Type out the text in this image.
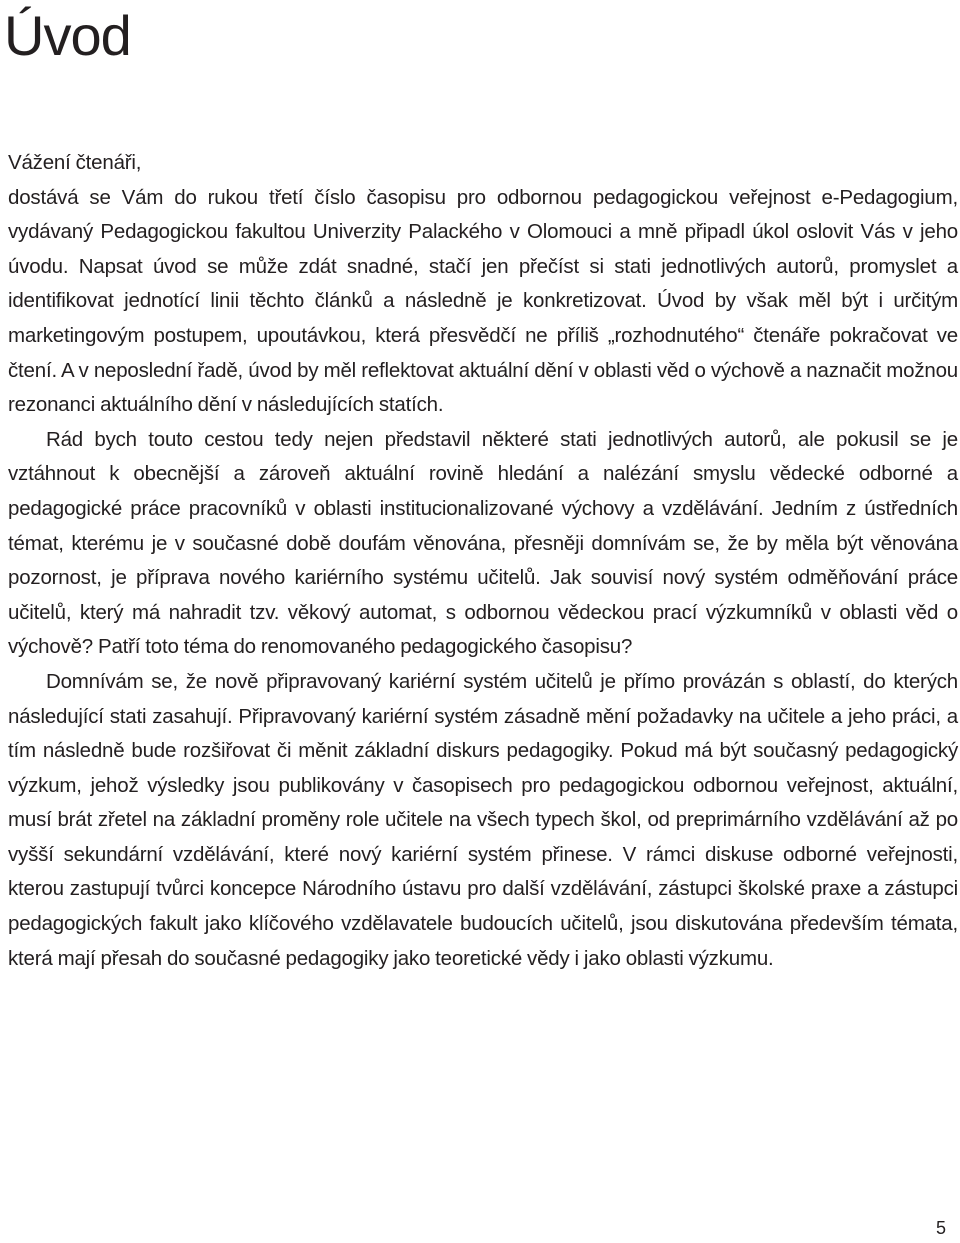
Úvod

Vážení čtenáři,

dostává se Vám do rukou třetí číslo časopisu pro odbornou pedagogickou veřejnost e-Pedagogium, vydávaný Pedagogickou fakultou Univerzity Palackého v Olomouci a mně připadl úkol oslovit Vás v jeho úvodu. Napsat úvod se může zdát snadné, stačí jen přečíst si stati jednotlivých autorů, promyslet a identifikovat jednotící linii těchto článků a následně je konkretizovat. Úvod by však měl být i určitým marketingovým postupem, upoutávkou, která přesvědčí ne příliš „rozhodnutého“ čtenáře pokračovat ve čtení. A v neposlední řadě, úvod by měl reflektovat aktuální dění v oblasti věd o výchově a naznačit možnou rezonanci aktuálního dění v následujících statích.

Rád bych touto cestou tedy nejen představil některé stati jednotlivých autorů, ale pokusil se je vztáhnout k obecnější a zároveň aktuální rovině hledání a nalézání smyslu vědecké odborné a pedagogické práce pracovníků v oblasti institucionalizované výchovy a vzdělávání. Jedním z ústředních témat, kterému je v současné době doufám věnována, přesněji domnívám se, že by měla být věnována pozornost, je příprava nového kariérního systému učitelů. Jak souvisí nový systém odměňování práce učitelů, který má nahradit tzv. věkový automat, s odbornou vědeckou prací výzkumníků v oblasti věd o výchově? Patří toto téma do renomovaného pedagogického časopisu?

Domnívám se, že nově připravovaný kariérní systém učitelů je přímo provázán s oblastí, do kterých následující stati zasahují. Připravovaný kariérní systém zásadně mění požadavky na učitele a jeho práci, a tím následně bude rozšiřovat či měnit základní diskurs pedagogiky. Pokud má být současný pedagogický výzkum, jehož výsledky jsou publikovány v časopisech pro pedagogickou odbornou veřejnost, aktuální, musí brát zřetel na základní proměny role učitele na všech typech škol, od preprimárního vzdělávání až po vyšší sekundární vzdělávání, které nový kariérní systém přinese. V rámci diskuse odborné veřejnosti, kterou zastupují tvůrci koncepce Národního ústavu pro další vzdělávání, zástupci školské praxe a zástupci pedagogických fakult jako klíčového vzdělavatele budoucích učitelů, jsou diskutována především témata, která mají přesah do současné pedagogiky jako teoretické vědy i jako oblasti výzkumu.

5
